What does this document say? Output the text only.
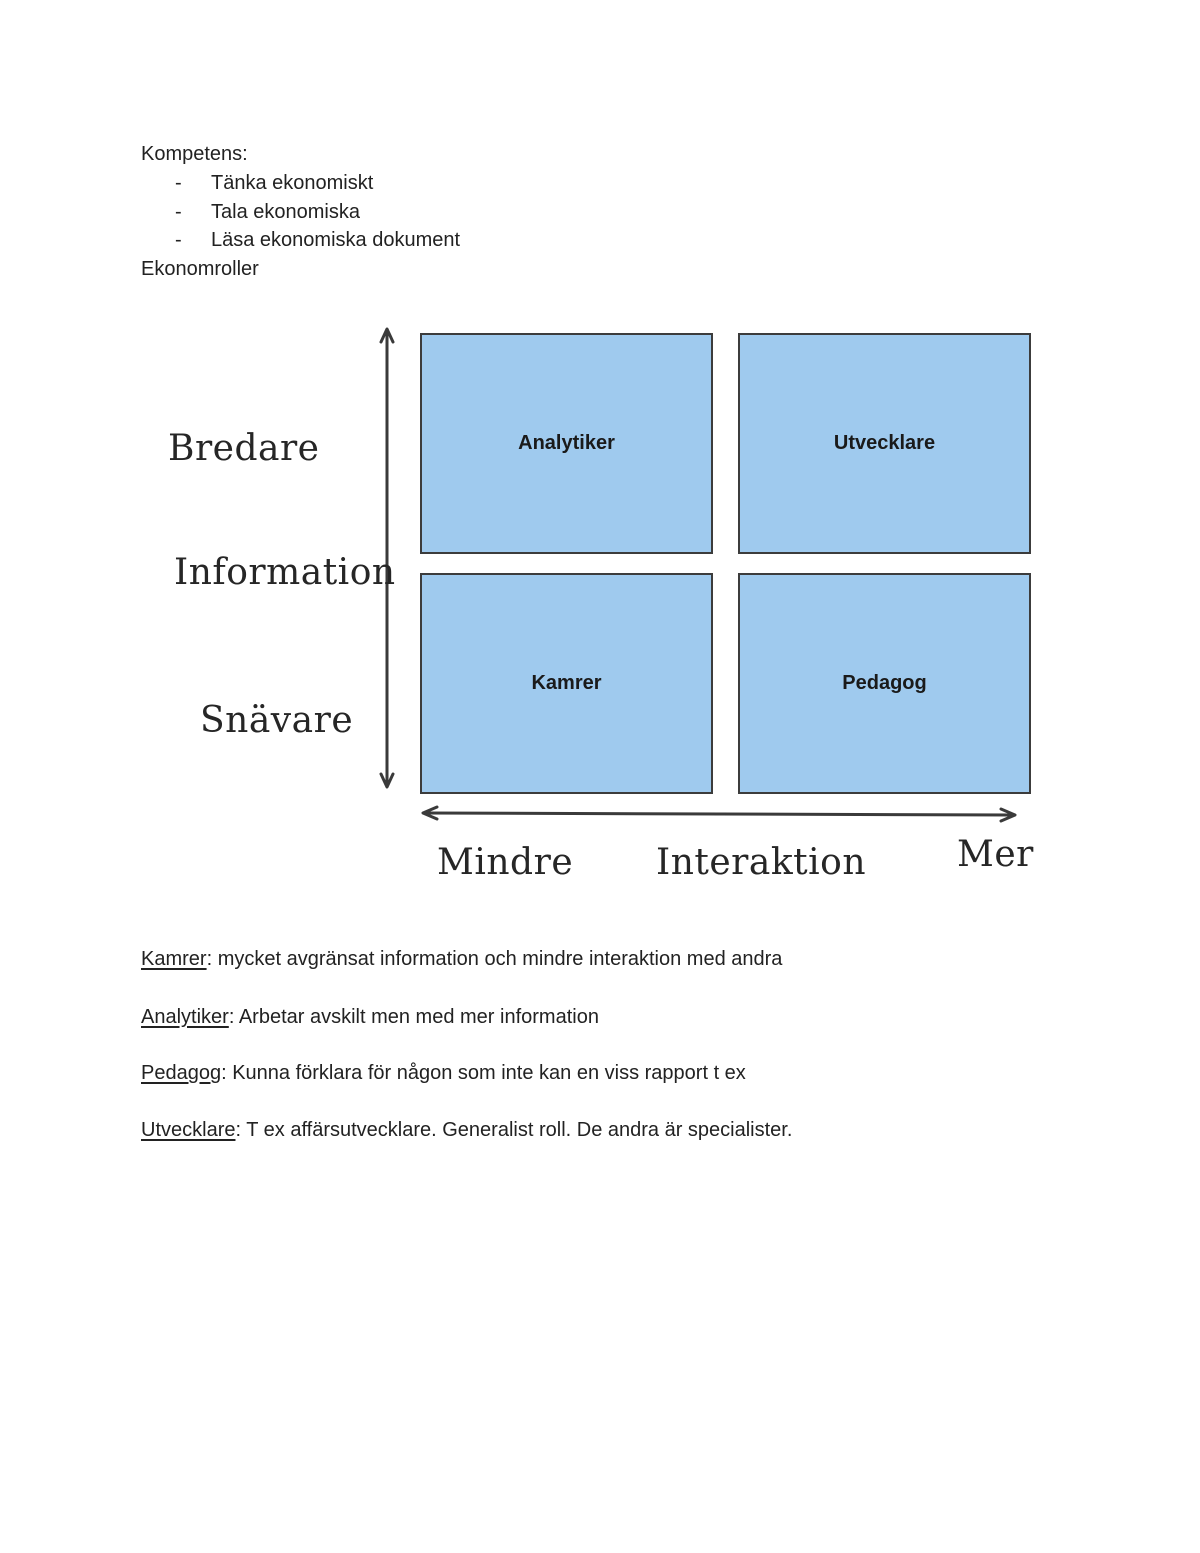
Kompetens:
- Tänka ekonomiskt
- Tala ekonomiska
- Läsa ekonomiska dokument
Ekonomroller
Bredare
Information
Snävare
Analytiker	Utvecklare
Kamrer	Pedagog
Mindre Interaktion	Mer
Kamrer: mycket avgränsat information och mindre interaktion med andra
Analytiker: Arbetar avskilt men med mer information
Pedagog: Kunna förklara för någon som inte kan en viss rapport t ex
Utvecklare: T ex affärsutvecklare. Generalist roll. De andra är specialister.
